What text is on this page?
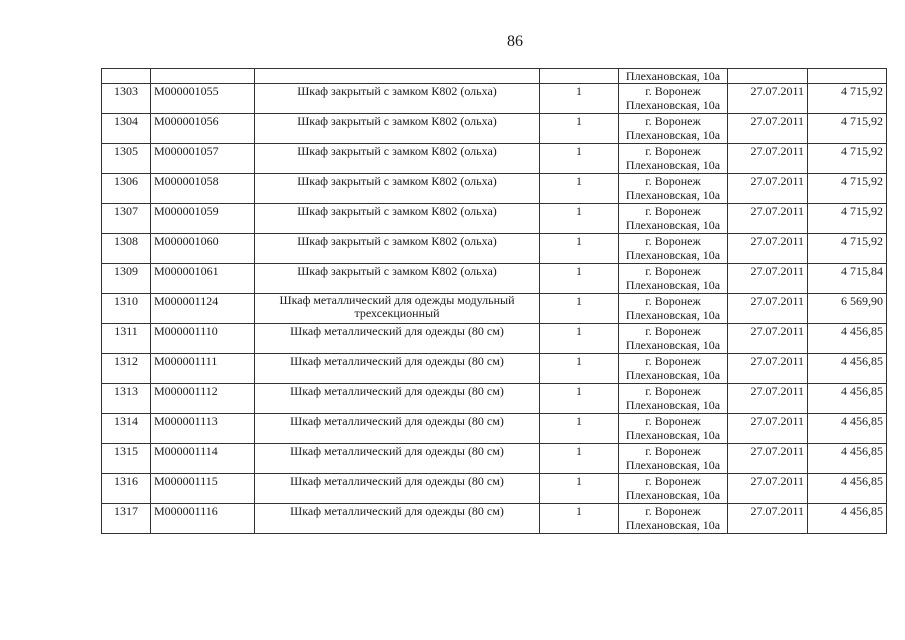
86
				Плехановская, 10а		
1303	М000001055	Шкаф закрытый с замком К802 (ольха)	1	г. Воронеж
Плехановская, 10а	27.07.2011	4 715,92
1304	М000001056	Шкаф закрытый с замком К802 (ольха)	1	г. Воронеж
Плехановская, 10а	27.07.2011	4 715,92
1305	М000001057	Шкаф закрытый с замком К802 (ольха)	1	г. Воронеж
Плехановская, 10а	27.07.2011	4 715,92
1306	М000001058	Шкаф закрытый с замком К802 (ольха)	1	г. Воронеж
Плехановская, 10а	27.07.2011	4 715,92
1307	М000001059	Шкаф закрытый с замком К802 (ольха)	1	г. Воронеж
Плехановская, 10а	27.07.2011	4 715,92
1308	М000001060	Шкаф закрытый с замком К802 (ольха)	1	г. Воронеж
Плехановская, 10а	27.07.2011	4 715,92
1309	М000001061	Шкаф закрытый с замком К802 (ольха)	1	г. Воронеж
Плехановская, 10а	27.07.2011	4 715,84
1310	М000001124	Шкаф металлический для одежды модульный трехсекционный	1	г. Воронеж
Плехановская, 10а	27.07.2011	6 569,90
1311	М000001110	Шкаф металлический для одежды (80 см)	1	г. Воронеж
Плехановская, 10а	27.07.2011	4 456,85
1312	М000001111	Шкаф металлический для одежды (80 см)	1	г. Воронеж
Плехановская, 10а	27.07.2011	4 456,85
1313	М000001112	Шкаф металлический для одежды (80 см)	1	г. Воронеж
Плехановская, 10а	27.07.2011	4 456,85
1314	М000001113	Шкаф металлический для одежды (80 см)	1	г. Воронеж
Плехановская, 10а	27.07.2011	4 456,85
1315	М000001114	Шкаф металлический для одежды (80 см)	1	г. Воронеж
Плехановская, 10а	27.07.2011	4 456,85
1316	М000001115	Шкаф металлический для одежды (80 см)	1	г. Воронеж
Плехановская, 10а	27.07.2011	4 456,85
1317	М000001116	Шкаф металлический для одежды (80 см)	1	г. Воронеж
Плехановская, 10а	27.07.2011	4 456,85
